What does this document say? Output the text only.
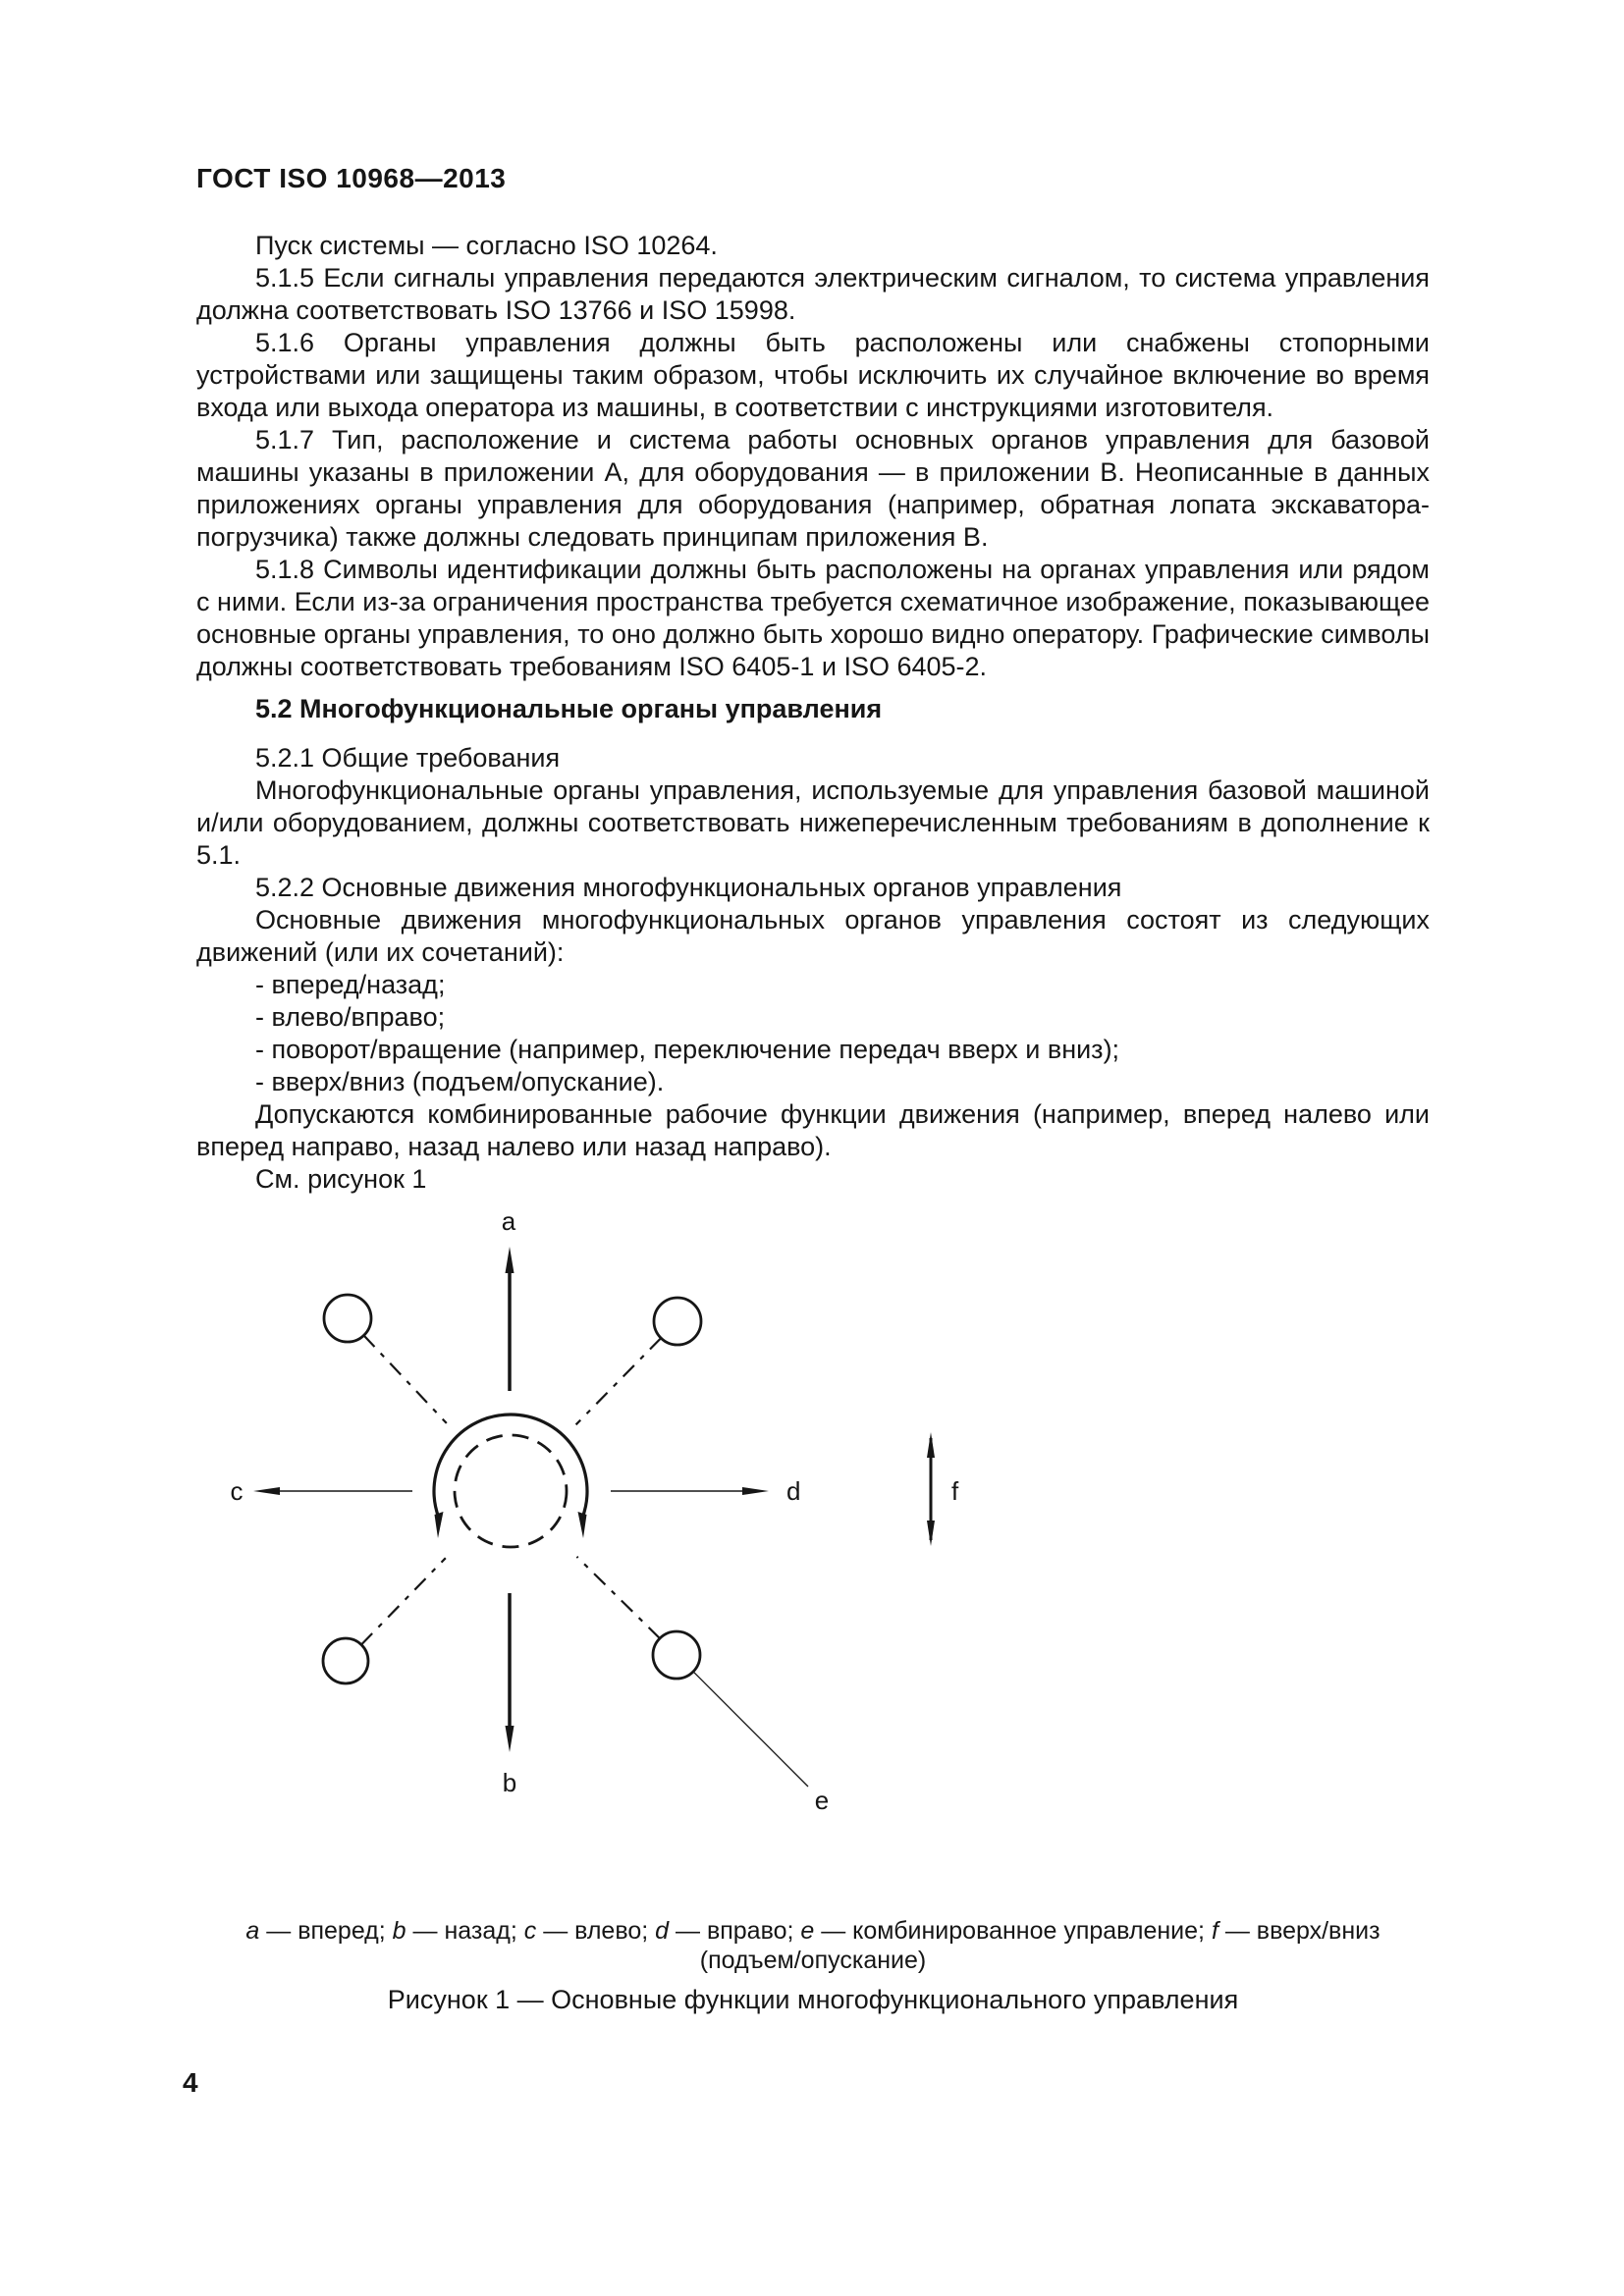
ГОСТ ISO 10968—2013

Пуск системы — согласно ISO 10264.

5.1.5 Если сигналы управления передаются электрическим сигналом, то система управления должна соответствовать ISO 13766 и ISO 15998.

5.1.6 Органы управления должны быть расположены или снабжены стопорными устройствами или защищены таким образом, чтобы исключить их случайное включение во время входа или выхода оператора из машины, в соответствии с инструкциями изготовителя.

5.1.7 Тип, расположение и система работы основных органов управления для базовой машины указаны в приложении А, для оборудования — в приложении В. Неописанные в данных приложениях органы управления для оборудования (например, обратная лопата экскаватора-погрузчика) также должны следовать принципам приложения В.

5.1.8 Символы идентификации должны быть расположены на органах управления или рядом с ними. Если из-за ограничения пространства требуется схематичное изображение, показывающее основные органы управления, то оно должно быть хорошо видно оператору. Графические символы должны соответствовать требованиям ISO 6405-1 и ISO 6405-2.

5.2 Многофункциональные органы управления

5.2.1 Общие требования

Многофункциональные органы управления, используемые для управления базовой машиной и/или оборудованием, должны соответствовать нижеперечисленным требованиям в дополнение к 5.1.

5.2.2 Основные движения многофункциональных органов управления

Основные движения многофункциональных органов управления состоят из следующих движений (или их сочетаний):

- вперед/назад;

- влево/вправо;

- поворот/вращение (например, переключение передач вверх и вниз);

- вверх/вниз (подъем/опускание).

Допускаются комбинированные рабочие функции движения (например, вперед налево или вперед направо, назад налево или назад направо).

См. рисунок 1

a
b
c	d
e
f
a — вперед; b — назад; c — влево; d — вправо; e — комбинированное управление; f — вверх/вниз (подъем/опускание)
Рисунок 1 — Основные функции многофункционального управления
4
